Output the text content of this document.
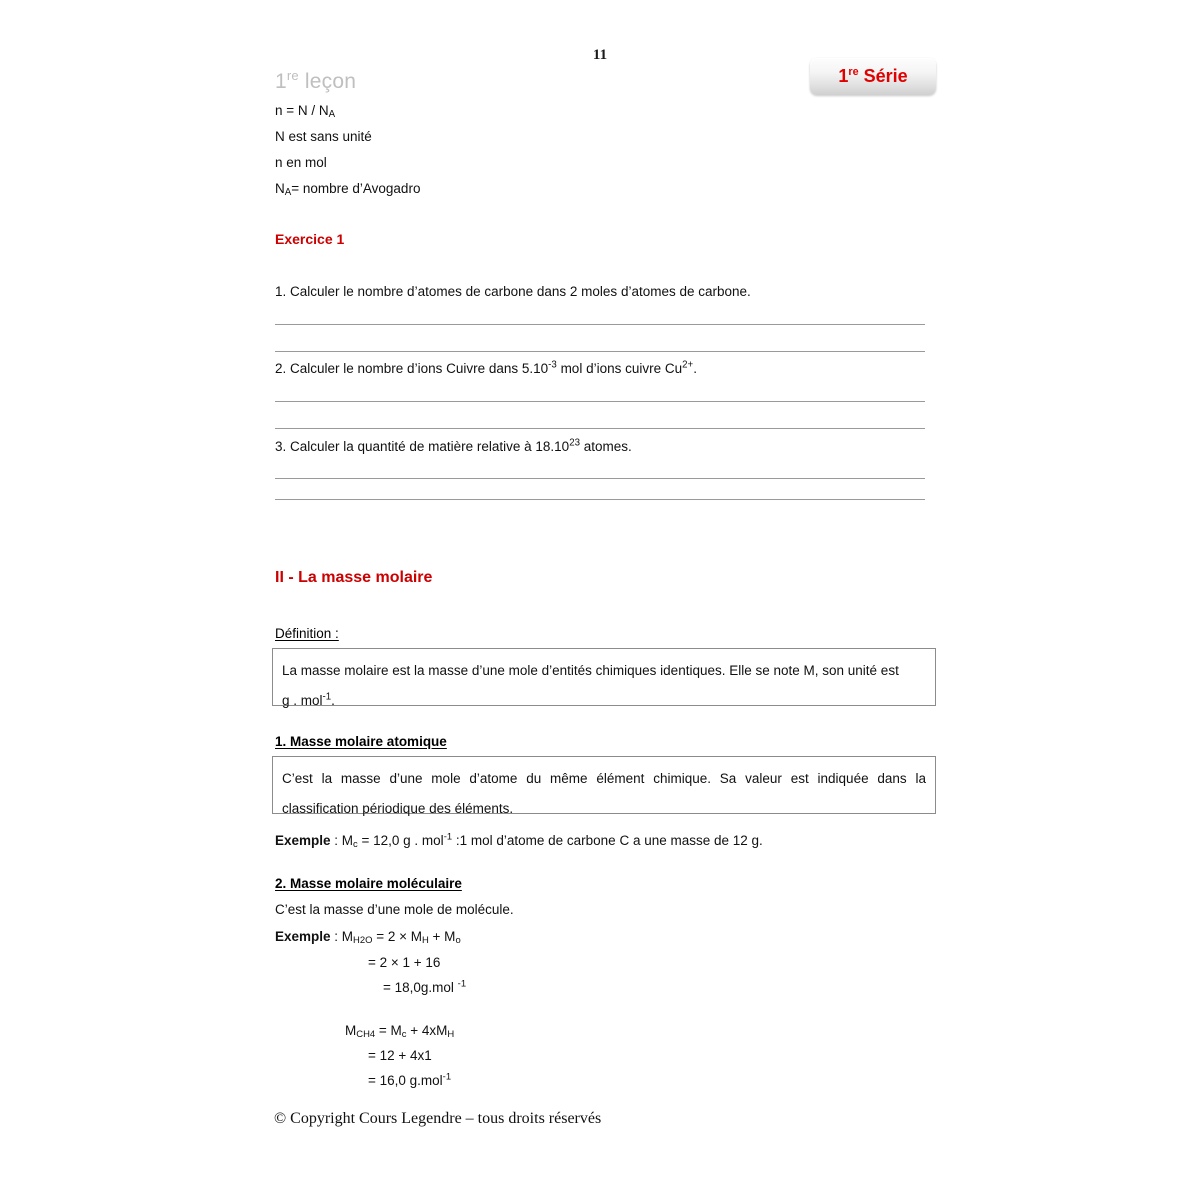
11
1re leçon	1re Série
$n = N / N_A$
N est sans unité
n en mol
$N_A=$ nombre d’Avogadro
Exercice 1
1. Calculer le nombre d’atomes de carbone dans 2 moles d’atomes de carbone.
2. Calculer le nombre d’ions Cuivre dans $5.10^{-3}$ mol d’ions cuivre $Cu^{2+}$.
3. Calculer la quantité de matière relative à 18.10$^{23}$ atomes.
II - La masse molaire
Définition :
La masse molaire est la masse d’une mole d’entités chimiques identiques. Elle se note M, son unité est
g . mol$^{-1}$.
1. Masse molaire atomique
C’est la masse d’une mole d’atome du même élément chimique. Sa valeur est indiquée dans la classification périodique des éléments.
Exemple : $M_c = 12,0$ g . mol$^{-1}$ :1 mol d’atome de carbone C a une masse de 12 g.
2. Masse molaire moléculaire
C’est la masse d’une mole de molécule.
Exemple : $M_{H2O} = 2 \times M_H + M_o$
= 2 × 1 + 16
= 18,0g.mol $^{-1}$
$M_{CH4} = M_c + 4xM_H$
= 12 + 4x1
= 16,0 g.mol$^{-1}$
© Copyright Cours Legendre – tous droits réservés
